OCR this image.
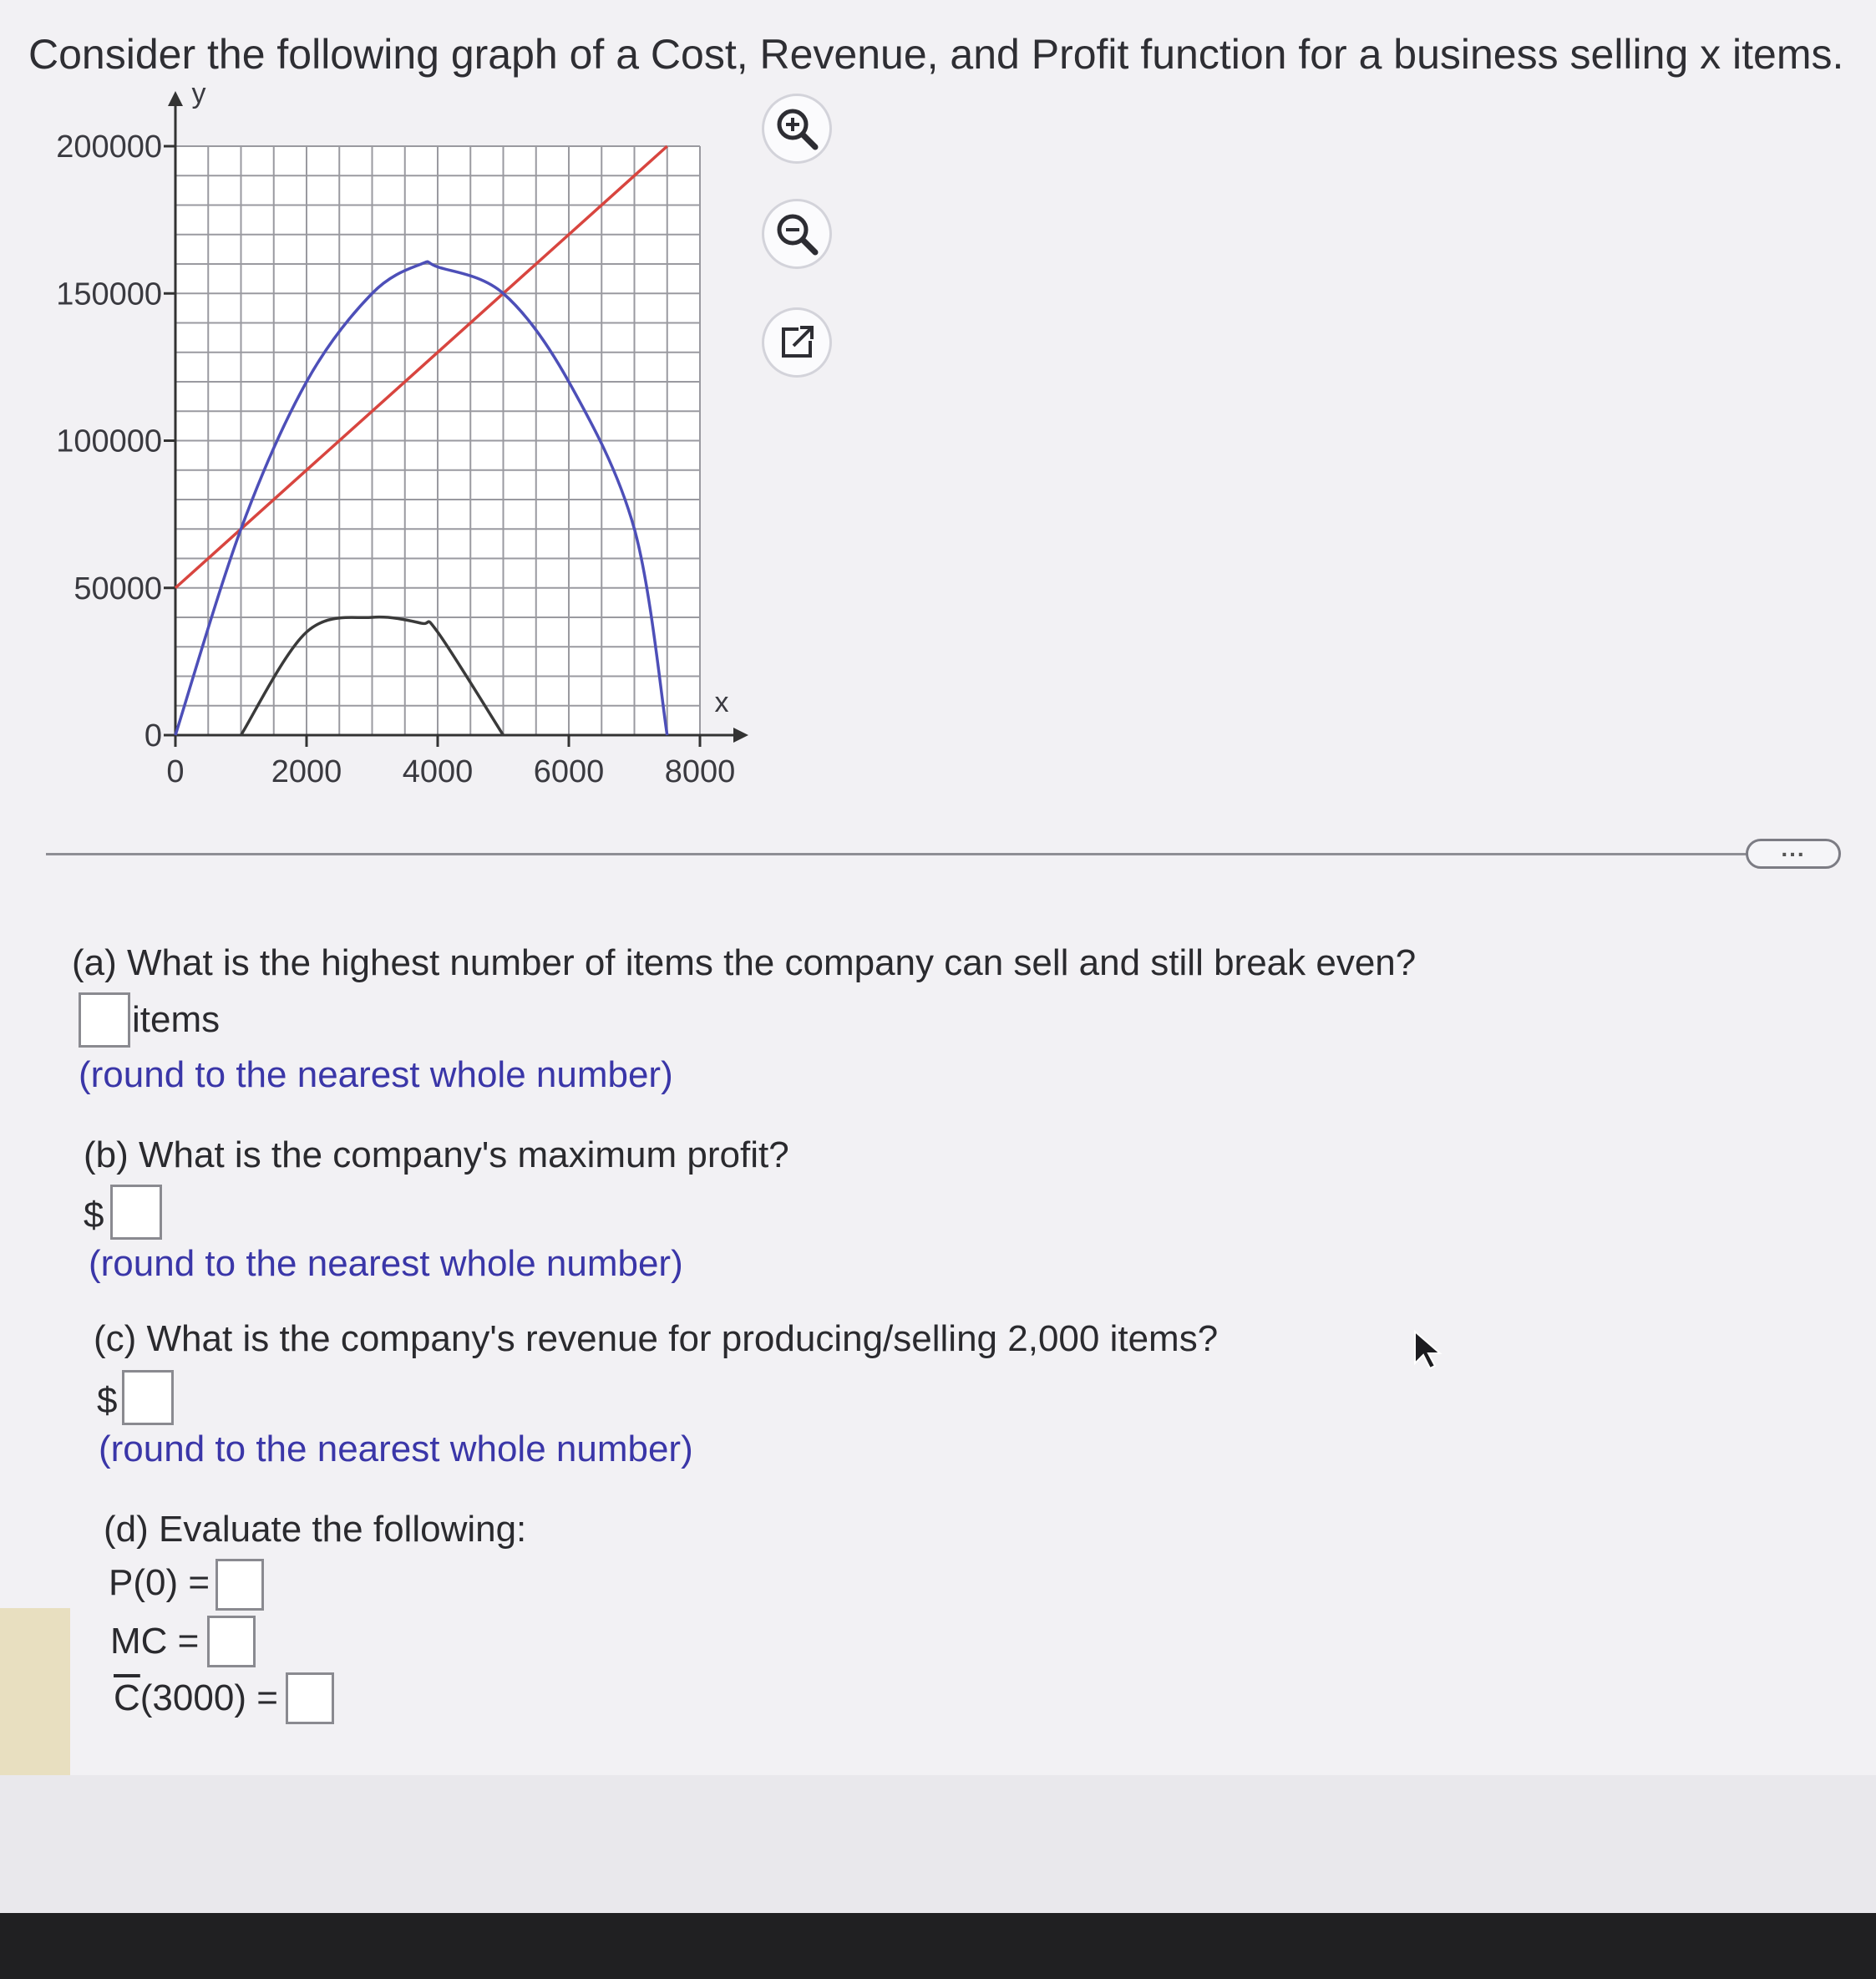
Consider the following graph of a Cost, Revenue, and Profit function for a business selling x items.
0
50000
100000
150000
200000
0	2000 4000 6000 8000
x
y
...
(a) What is the highest number of items the company can sell and still break even?
items
(round to the nearest whole number)
(b) What is the company's maximum profit?
$
(round to the nearest whole number)
(c) What is the company's revenue for producing/selling 2,000 items?
$
(round to the nearest whole number)
(d) Evaluate the following:
P(0) =
MC =
$\overline{C}(3000)$ =
